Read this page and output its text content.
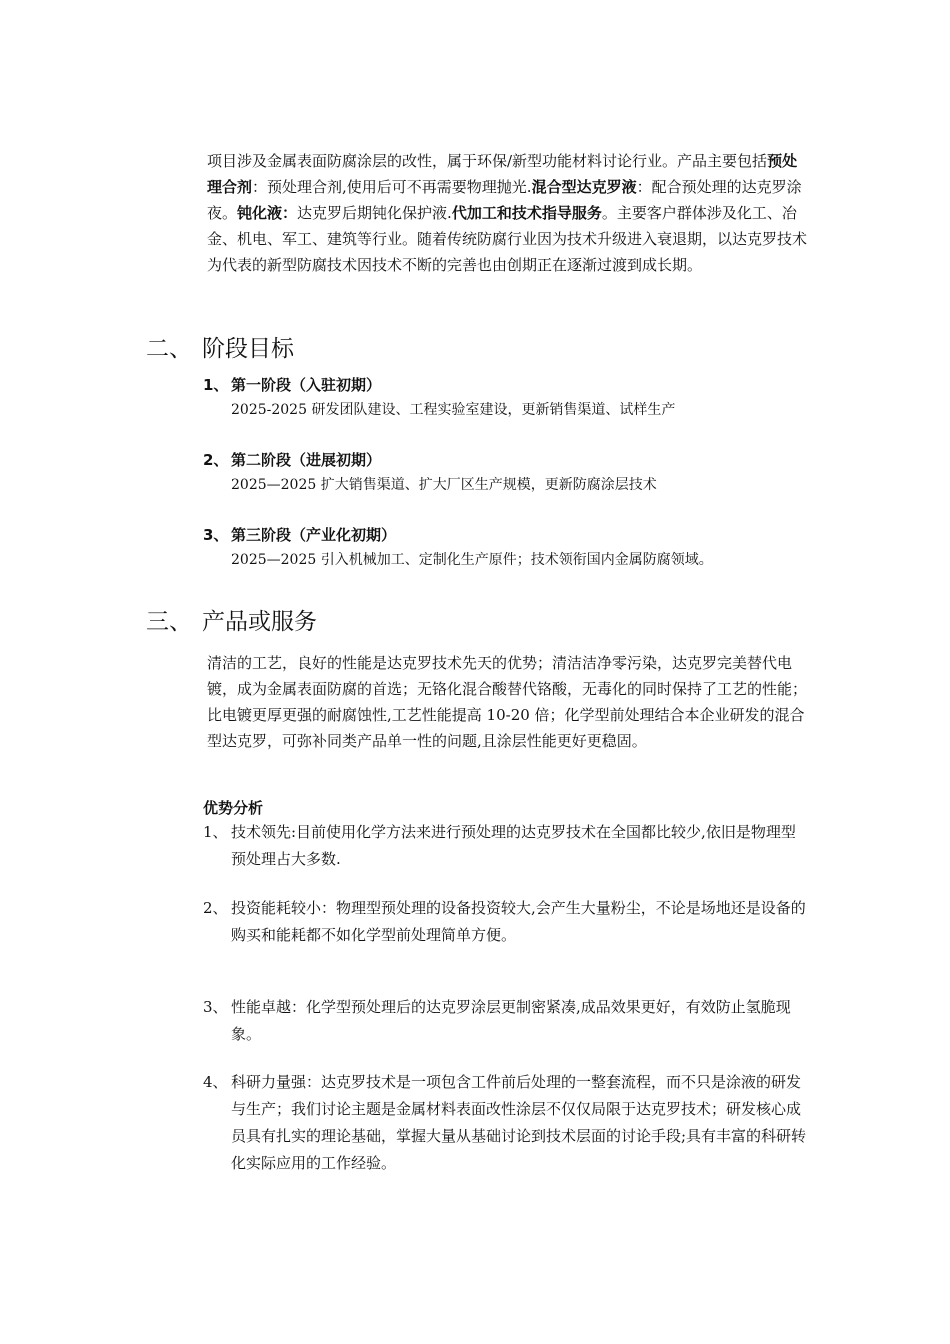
项目涉及金属表面防腐涂层的改性，属于环保/新型功能材料讨论行业。产品主要包括预处理合剂：预处理合剂,使用后可不再需要物理抛光.混合型达克罗液：配合预处理的达克罗涂夜。钝化液：达克罗后期钝化保护液.代加工和技术指导服务。主要客户群体涉及化工、冶金、机电、军工、建筑等行业。随着传统防腐行业因为技术升级进入衰退期，以达克罗技术为代表的新型防腐技术因技术不断的完善也由创期正在逐渐过渡到成长期。

二、 阶段目标
1、 第一阶段（入驻初期）
2025-2025 研发团队建设、工程实验室建设，更新销售渠道、试样生产
2、 第二阶段（进展初期）
2025—2025 扩大销售渠道、扩大厂区生产规模，更新防腐涂层技术
3、 第三阶段（产业化初期）
2025—2025 引入机械加工、定制化生产原件；技术领衔国内金属防腐领域。
三、 产品或服务

清洁的工艺，良好的性能是达克罗技术先天的优势；清洁洁净零污染，达克罗完美替代电镀，成为金属表面防腐的首选；无铬化混合酸替代铬酸，无毒化的同时保持了工艺的性能；比电镀更厚更强的耐腐蚀性,工艺性能提高 10-20 倍；化学型前处理结合本企业研发的混合型达克罗，可弥补同类产品单一性的问题,且涂层性能更好更稳固。

优势分析
1、 技术领先:目前使用化学方法来进行预处理的达克罗技术在全国都比较少,依旧是物理型预处理占大多数.
2、 投资能耗较小：物理型预处理的设备投资较大,会产生大量粉尘，不论是场地还是设备的购买和能耗都不如化学型前处理简单方便。
3、 性能卓越：化学型预处理后的达克罗涂层更制密紧凑,成品效果更好，有效防止氢脆现象。
4、 科研力量强：达克罗技术是一项包含工件前后处理的一整套流程，而不只是涂液的研发与生产；我们讨论主题是金属材料表面改性涂层不仅仅局限于达克罗技术；研发核心成员具有扎实的理论基础，掌握大量从基础讨论到技术层面的讨论手段;具有丰富的科研转化实际应用的工作经验。
